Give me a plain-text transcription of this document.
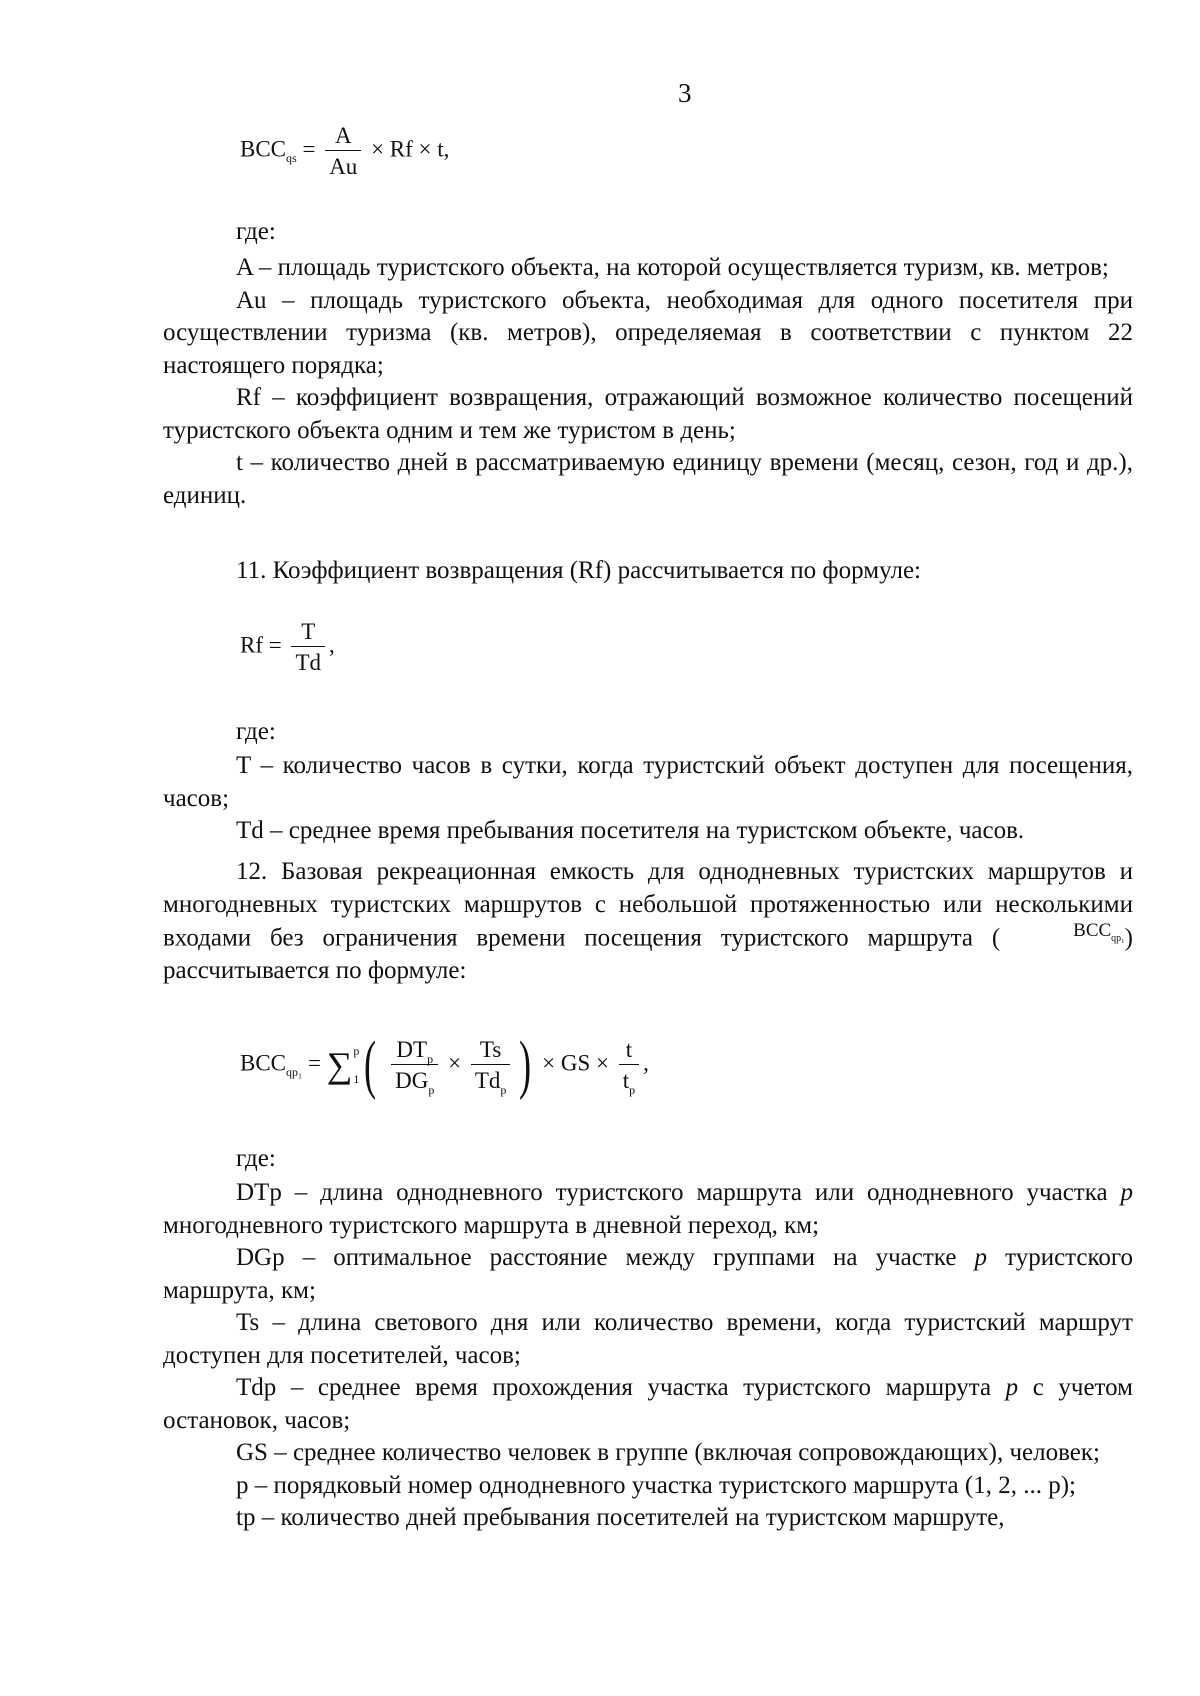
3
$BCC_{qs} = \frac{A}{Au} \times Rf \times t$,
где:

A – площадь туристского объекта, на которой осуществляется туризм, кв. метров;

Au – площадь туристского объекта, необходимая для одного посетителя при осуществлении туризма (кв. метров), определяемая в соответствии с пунктом 22 настоящего порядка;

Rf – коэффициент возвращения, отражающий возможное количество посещений туристского объекта одним и тем же туристом в день;

t – количество дней в рассматриваемую единицу времени (месяц, сезон, год и др.), единиц.

11. Коэффициент возвращения (Rf) рассчитывается по формуле:

$Rf = \frac{T}{Td}$ ,
где:

T – количество часов в сутки, когда туристский объект доступен для посещения, часов;

Td – среднее время пребывания посетителя на туристском объекте, часов.

12. Базовая рекреационная емкость для однодневных туристских маршрутов и многодневных туристских маршрутов с небольшой протяженностью или несколькими входами без ограничения времени посещения туристского маршрута (	$BCC_{qp_1}$) рассчитывается по формуле:

$BCC_{qp_1}$ = ∑ p
1 ( $\frac{DT_p}{DG_p} \times \frac{Ts}{Td_p}$ ) × GS × $\frac{t}{t_p}$ ,
где:

DTp – длина однодневного туристского маршрута или однодневного участка p многодневного туристского маршрута в дневной переход, км;

DGp – оптимальное расстояние между группами на участке p туристского маршрута, км;

Ts – длина светового дня или количество времени, когда туристский маршрут доступен для посетителей, часов;

Tdp – среднее время прохождения участка туристского маршрута p с учетом остановок, часов;

GS – среднее количество человек в группе (включая сопровождающих), человек;

p – порядковый номер однодневного участка туристского маршрута (1, 2, ... p);

tp – количество дней пребывания посетителей на туристском маршруте,
